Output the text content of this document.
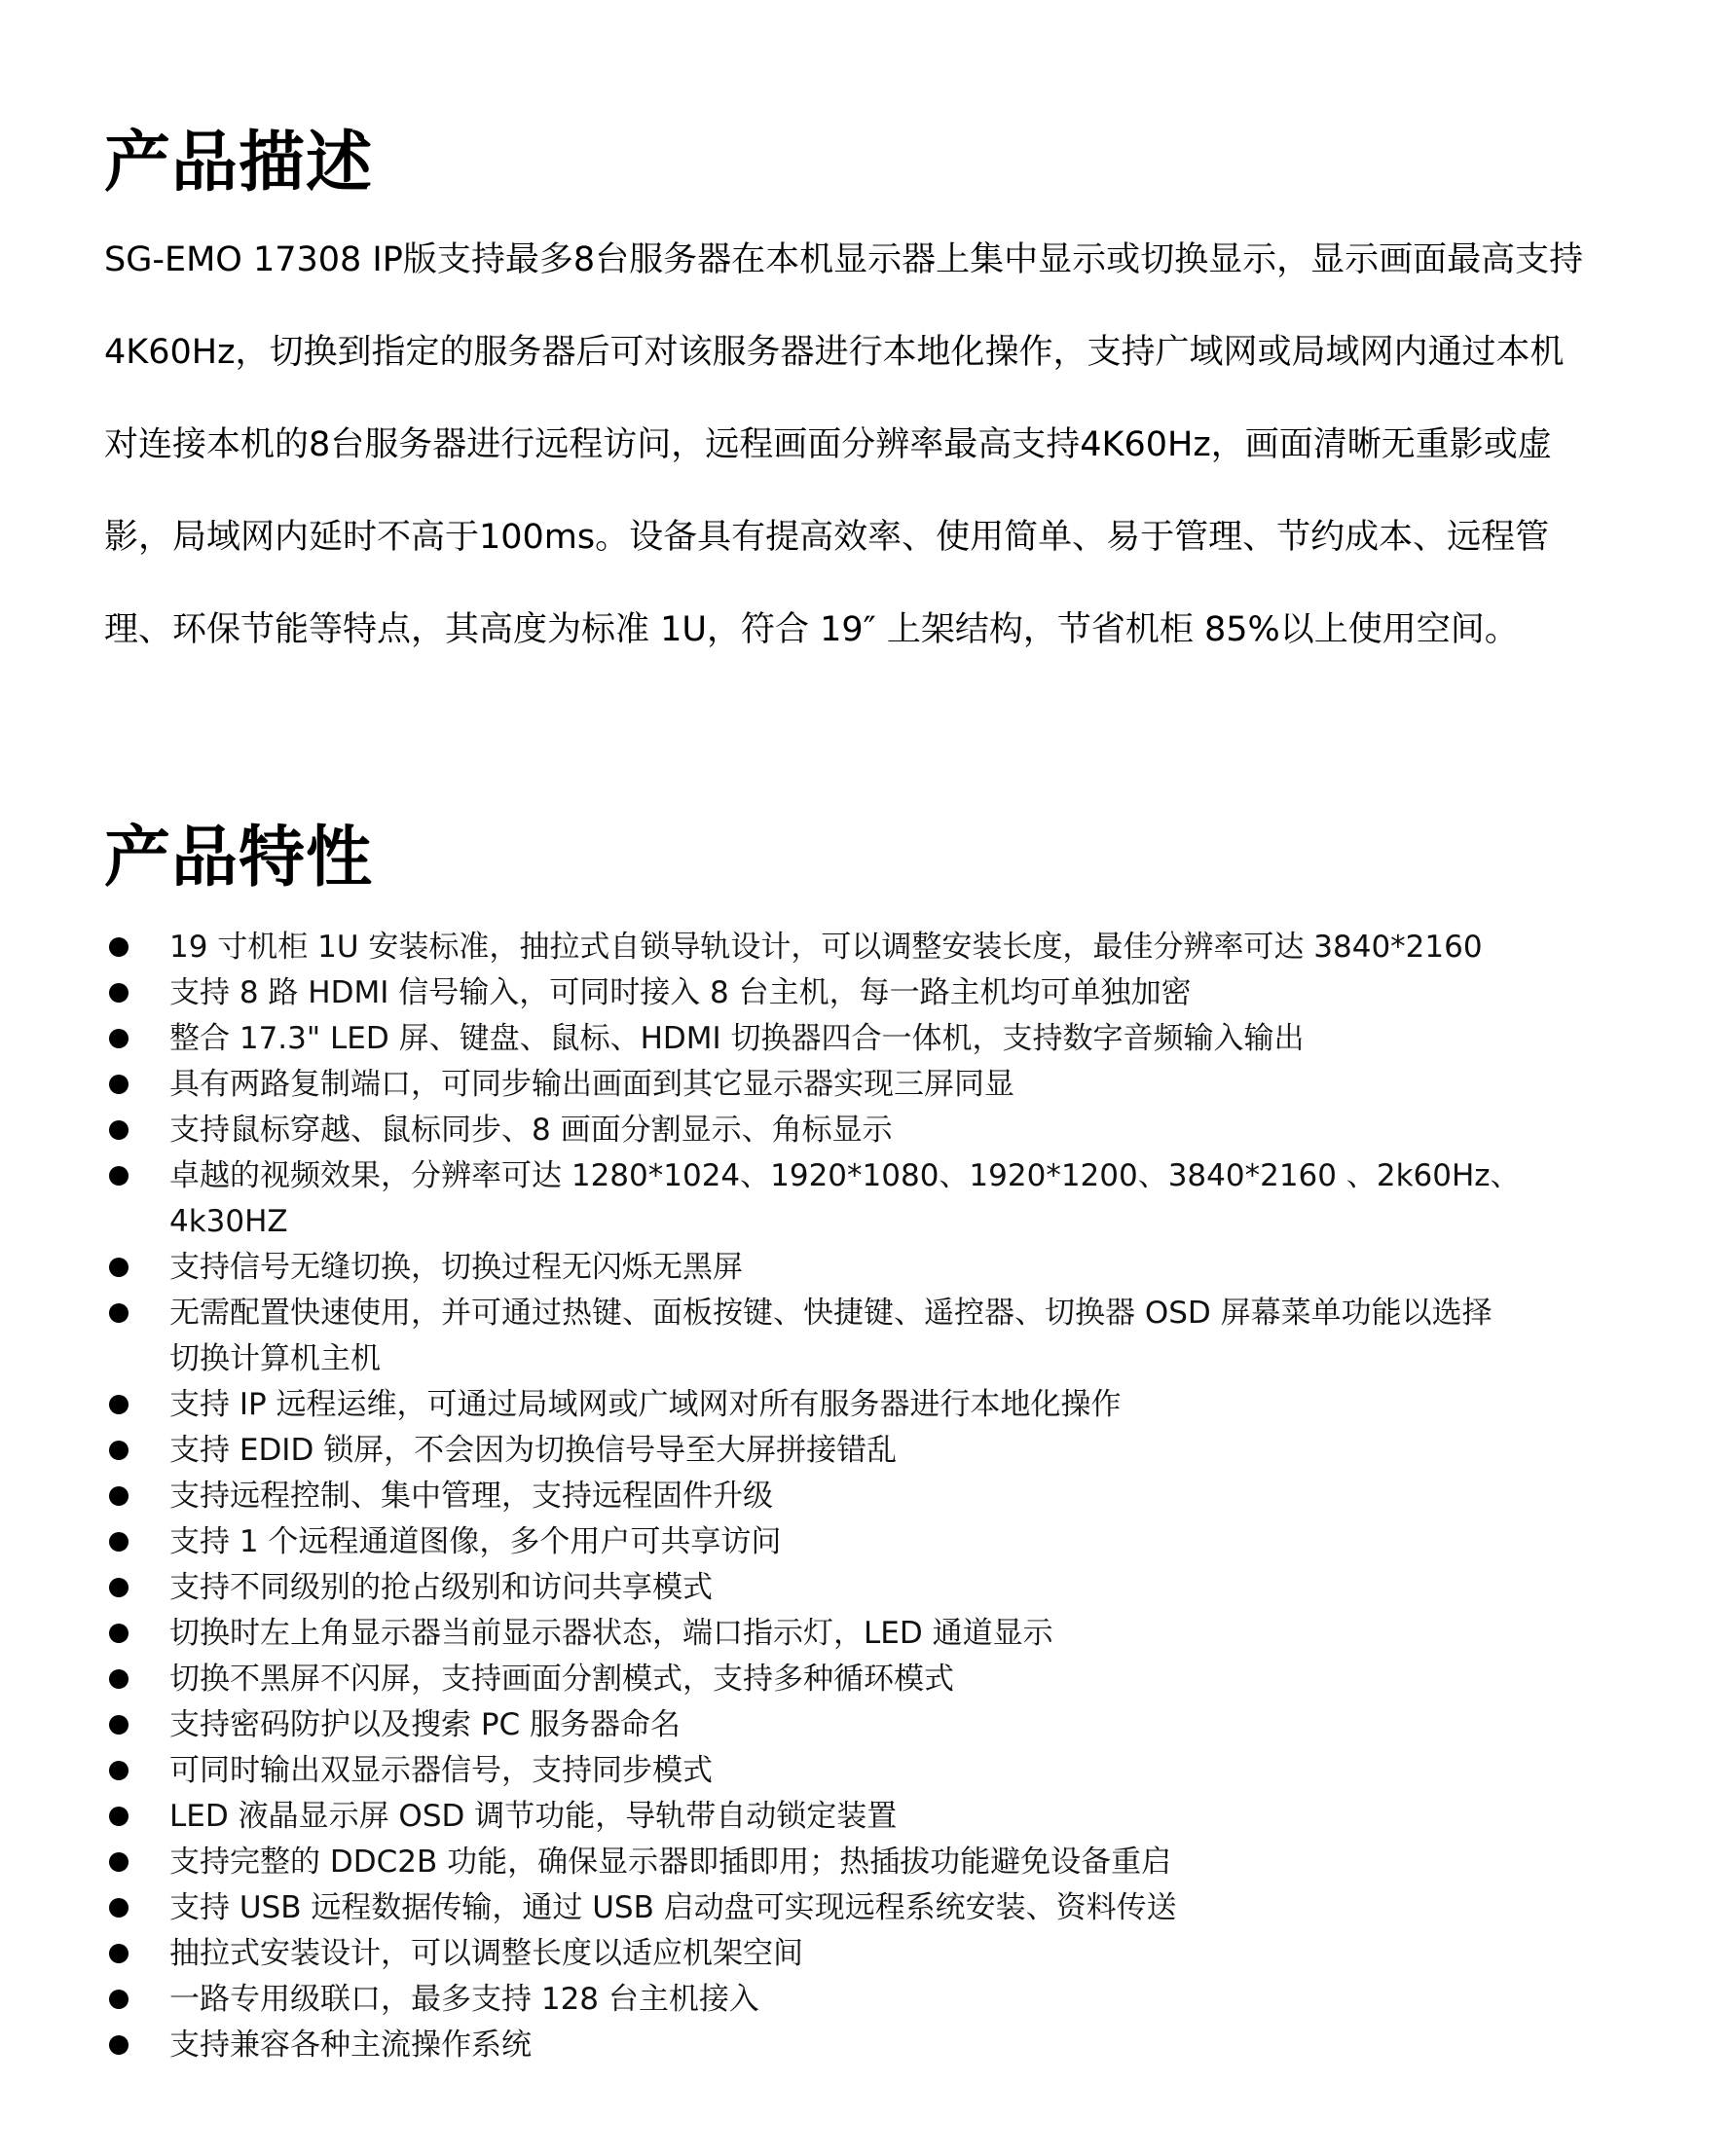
产品描述
SG-EMO 17308 IP版支持最多8台服务器在本机显示器上集中显示或切换显示，显示画面最高支持
4K60Hz，切换到指定的服务器后可对该服务器进行本地化操作，支持广域网或局域网内通过本机
对连接本机的8台服务器进行远程访问，远程画面分辨率最高支持4K60Hz，画面清晰无重影或虚
影，局域网内延时不高于100ms。设备具有提高效率、使用简单、易于管理、节约成本、远程管
理、环保节能等特点，其高度为标准 1U，符合 19″ 上架结构，节省机柜 85%以上使用空间。
产品特性
19 寸机柜 1U 安装标准，抽拉式自锁导轨设计，可以调整安装长度，最佳分辨率可达 3840*2160
支持 8 路 HDMI 信号输入，可同时接入 8 台主机，每一路主机均可单独加密
整合 17.3" LED 屏、键盘、鼠标、HDMI 切换器四合一体机，支持数字音频输入输出
具有两路复制端口，可同步输出画面到其它显示器实现三屏同显
支持鼠标穿越、鼠标同步、8 画面分割显示、角标显示
卓越的视频效果，分辨率可达 1280*1024、1920*1080、1920*1200、3840*2160 、2k60Hz、
4k30HZ
支持信号无缝切换，切换过程无闪烁无黑屏
无需配置快速使用，并可通过热键、面板按键、快捷键、遥控器、切换器 OSD 屏幕菜单功能以选择
切换计算机主机
支持 IP 远程运维，可通过局域网或广域网对所有服务器进行本地化操作
支持 EDID 锁屏，不会因为切换信号导至大屏拼接错乱
支持远程控制、集中管理，支持远程固件升级
支持 1 个远程通道图像，多个用户可共享访问
支持不同级别的抢占级别和访问共享模式
切换时左上角显示器当前显示器状态，端口指示灯，LED 通道显示
切换不黑屏不闪屏，支持画面分割模式，支持多种循环模式
支持密码防护以及搜索 PC 服务器命名
可同时输出双显示器信号，支持同步模式
LED 液晶显示屏 OSD 调节功能，导轨带自动锁定装置
支持完整的 DDC2B 功能，确保显示器即插即用；热插拔功能避免设备重启
支持 USB 远程数据传输，通过 USB 启动盘可实现远程系统安装、资料传送
抽拉式安装设计，可以调整长度以适应机架空间
一路专用级联口，最多支持 128 台主机接入
支持兼容各种主流操作系统
